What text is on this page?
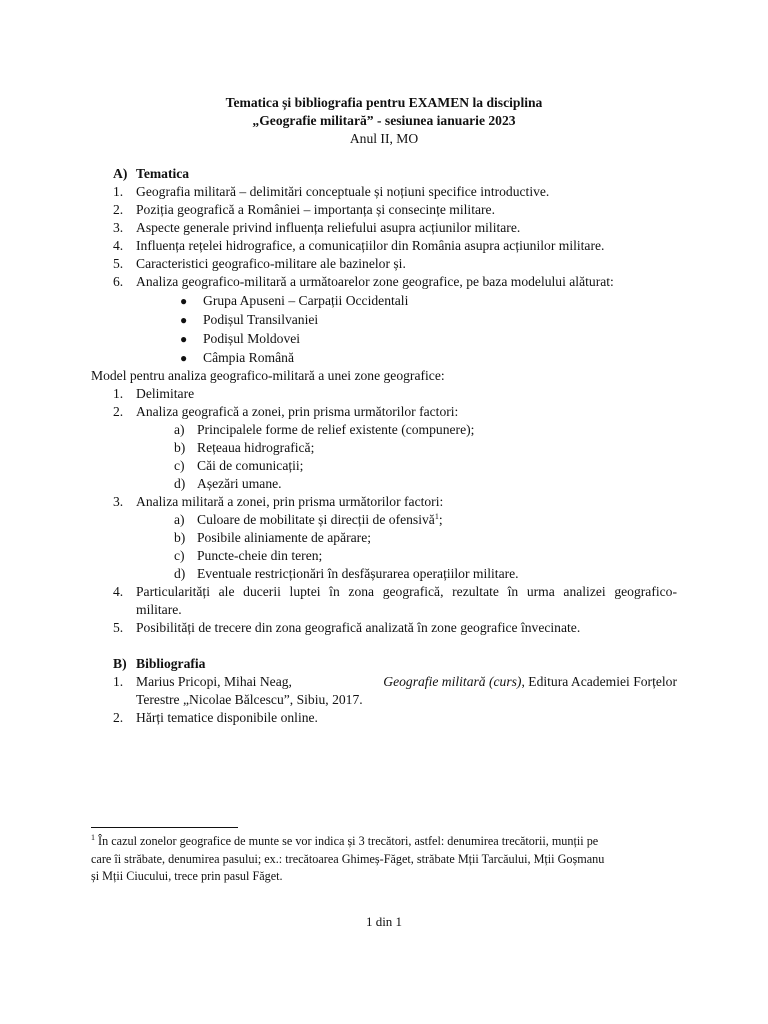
Tematica și bibliografia pentru EXAMEN la disciplina
„Geografie militară” - sesiunea ianuarie 2023
Anul II, MO
A) Tematica
1. Geografia militară – delimitări conceptuale și noțiuni specifice introductive.
2. Poziția geografică a României – importanța și consecințe militare.
3. Aspecte generale privind influența reliefului asupra acțiunilor militare.
4. Influența rețelei hidrografice, a comunicațiilor din România asupra acțiunilor militare.
5. Caracteristici geografico-militare ale bazinelor și.
6. Analiza geografico-militară a următoarelor zone geografice, pe baza modelului alăturat:
● Grupa Apuseni – Carpații Occidentali
● Podișul Transilvaniei
● Podișul Moldovei
● Câmpia Română
Model pentru analiza geografico-militară a unei zone geografice:
1. Delimitare
2. Analiza geografică a zonei, prin prisma următorilor factori:
a) Principalele forme de relief existente (compunere);
b) Rețeaua hidrografică;
c) Căi de comunicații;
d) Așezări umane.
3. Analiza militară a zonei, prin prisma următorilor factori:
a) Culoare de mobilitate și direcții de ofensivă$^1$;
b) Posibile aliniamente de apărare;
c) Puncte-cheie din teren;
d) Eventuale restricționări în desfășurarea operațiilor militare.
4. Particularități ale ducerii luptei în zona geografică, rezultate în urma analizei geografico-
militare.
5. Posibilități de trecere din zona geografică analizată în zone geografice învecinate.
B) Bibliografia
1. Marius Pricopi, Mihai Neag,	Geografie militară (curs), Editura Academiei Forțelor
Terestre „Nicolae Bălcescu”, Sibiu, 2017.
2. Hărți tematice disponibile online.
$^1$ În cazul zonelor geografice de munte se vor indica și 3 trecători, astfel: denumirea trecătorii, munții pe
care îi străbate, denumirea pasului; ex.: trecătoarea Ghimeș-Făget, străbate Mții Tarcăului, Mții Goșmanu
și Mții Ciucului, trece prin pasul Făget.
1 din 1
